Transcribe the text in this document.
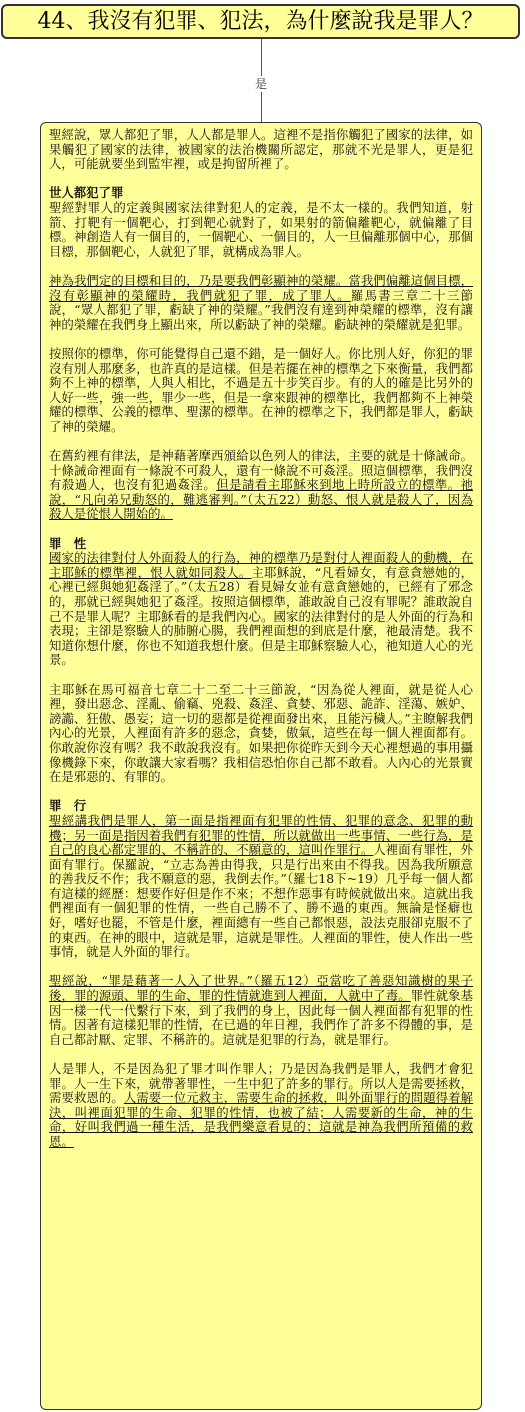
44、我沒有犯罪、犯法，為什麼說我是罪人？
是

聖經說，眾人都犯了罪，人人都是罪人。這裡不是指你觸犯了國家的法律，如果觸犯了國家的法律，被國家的法治機關所認定，那就不光是罪人，更是犯人，可能就要坐到監牢裡，或是拘留所裡了。

世人都犯了罪
聖經對罪人的定義與國家法律對犯人的定義，是不太一樣的。我們知道，射箭、打靶有一個靶心，打到靶心就對了，如果射的箭偏離靶心，就偏離了目標。神創造人有一個目的，一個靶心、一個目的，人一旦偏離那個中心，那個目標，那個靶心，人就犯了罪，就構成為罪人。

神為我們定的目標和目的，乃是要我們彰顯神的榮耀。當我們偏離這個目標，沒有彰顯神的榮耀時，我們就犯了罪，成了罪人。羅馬書三章二十三節說，“眾人都犯了罪，虧缺了神的榮耀。”我們沒有達到神榮耀的標準，沒有讓神的榮耀在我們身上顯出來，所以虧缺了神的榮耀。虧缺神的榮耀就是犯罪。

按照你的標準，你可能覺得自己還不錯，是一個好人。你比別人好，你犯的罪沒有別人那麼多，也許真的是這樣。但是若擺在神的標準之下來衡量，我們都夠不上神的標準，人與人相比，不過是五十步笑百步。有的人的確是比另外的人好一些，強一些，罪少一些，但是一拿來跟神的標準比，我們都夠不上神榮耀的標準、公義的標準、聖潔的標準。在神的標準之下，我們都是罪人，虧缺了神的榮耀。

在舊約裡有律法，是神藉著摩西頒給以色列人的律法，主要的就是十條誡命。十條誡命裡面有一條說不可殺人，還有一條說不可姦淫。照這個標準，我們沒有殺過人，也沒有犯過姦淫。但是請看主耶穌來到地上時所設立的標準。祂說，“凡向弟兄動怒的，難逃審判。”（太五22）動怒、恨人就是殺人了，因為殺人是從恨人開始的。

罪　性
國家的法律對付人外面殺人的行為，神的標準乃是對付人裡面殺人的動機，在主耶穌的標準裡，恨人就如同殺人。主耶穌說，“凡看婦女，有意貪戀她的，心裡已經與她犯姦淫了。”（太五28）看見婦女並有意貪戀她的，已經有了邪念的，那就已經與她犯了姦淫。按照這個標準，誰敢說自己沒有罪呢？誰敢說自己不是罪人呢？主耶穌看的是我們內心。國家的法律對付的是人外面的行為和表現；主卻是察驗人的肺腑心腸，我們裡面想的到底是什麼，祂最清楚。我不知道你想什麼，你也不知道我想什麼。但是主耶穌察驗人心，祂知道人心的光景。

主耶穌在馬可福音七章二十二至二十三節說，“因為從人裡面，就是從人心裡，發出惡念、淫亂、偷竊、兇殺、姦淫、貪婪、邪惡、詭詐、淫蕩、嫉妒、謗讟、狂傲、愚妄；這一切的惡都是從裡面發出來，且能污穢人。”主瞭解我們內心的光景，人裡面有許多的惡念，貪婪，傲氣，這些在每一個人裡面都有。你敢說你沒有嗎？我不敢說我沒有。如果把你從昨天到今天心裡想過的事用攝像機錄下來，你敢讓大家看嗎？我相信恐怕你自己都不敢看。人內心的光景實在是邪惡的、有罪的。

罪　行
聖經講我們是罪人，第一面是指裡面有犯罪的性情、犯罪的意念、犯罪的動機；另一面是指因着我們有犯罪的性情，所以就做出一些事情、一些行為，是自己的良心都定罪的、不稱許的、不願意的，這叫作罪行。人裡面有罪性，外面有罪行。保羅說，“立志為善由得我，只是行出來由不得我。因為我所願意的善我反不作；我不願意的惡，我倒去作。”（羅七18下~19）几乎每一個人都有這樣的經歷：想要作好但是作不來；不想作惡事有時候就做出來。這就出我們裡面有一個犯罪的性情，一些自己勝不了、勝不過的東西。無論是怪癖也好，嗜好也罷，不管是什麼，裡面總有一些自己都恨惡，設法克服卻克服不了的東西。在神的眼中，這就是罪，這就是罪性。人裡面的罪性，使人作出一些事情，就是人外面的罪行。

聖經說，“罪是藉著一人入了世界。”（羅五12）亞當吃了善惡知識樹的果子後，罪的源頭、罪的生命、罪的性情就進到人裡面，人就中了毒。罪性就象基因一樣一代一代繫行下來，到了我們的身上，因此每一個人裡面都有犯罪的性情。因著有這樣犯罪的性情，在已過的年日裡，我們作了許多不得體的事，是自己都討厭、定罪、不稱許的。這就是犯罪的行為，就是罪行。

人是罪人，不是因為犯了罪才叫作罪人；乃是因為我們是罪人，我們才會犯罪。人一生下來，就帶著罪性，一生中犯了許多的罪行。所以人是需要拯救，需要救恩的。人需要一位元救主，需要生命的拯救，叫外面罪行的問題得着解決，叫裡面犯罪的生命、犯罪的性情，也被了結；人需要新的生命，神的生命，好叫我們過一種生活，是我們樂意看見的；這就是神為我們所預備的救恩。
